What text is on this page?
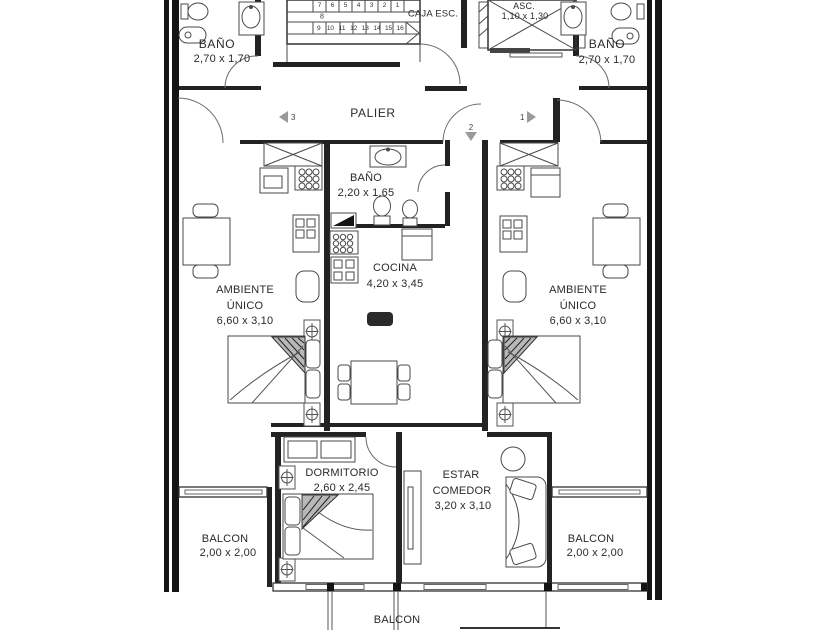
BAÑO
2,70 x 1,70
CAJA ESC.
ASC.
1,10 x 1,30
BAÑO
2,70 x 1,70
PALIER
BAÑO
2,20 x 1,65
COCINA
4,20 x 3,45
AMBIENTE
ÚNICO
6,60 x 3,10
AMBIENTE
ÚNICO
6,60 x 3,10
DORMITORIO
2,60 x 2,45
ESTAR
COMEDOR
3,20 x 3,10
BALCON
2,00 x 2,00
BALCON
2,00 x 2,00
BALCON
7	6	5	4	3	2	1
8
9 10 11 12 13 14 15 16
3
2
1
